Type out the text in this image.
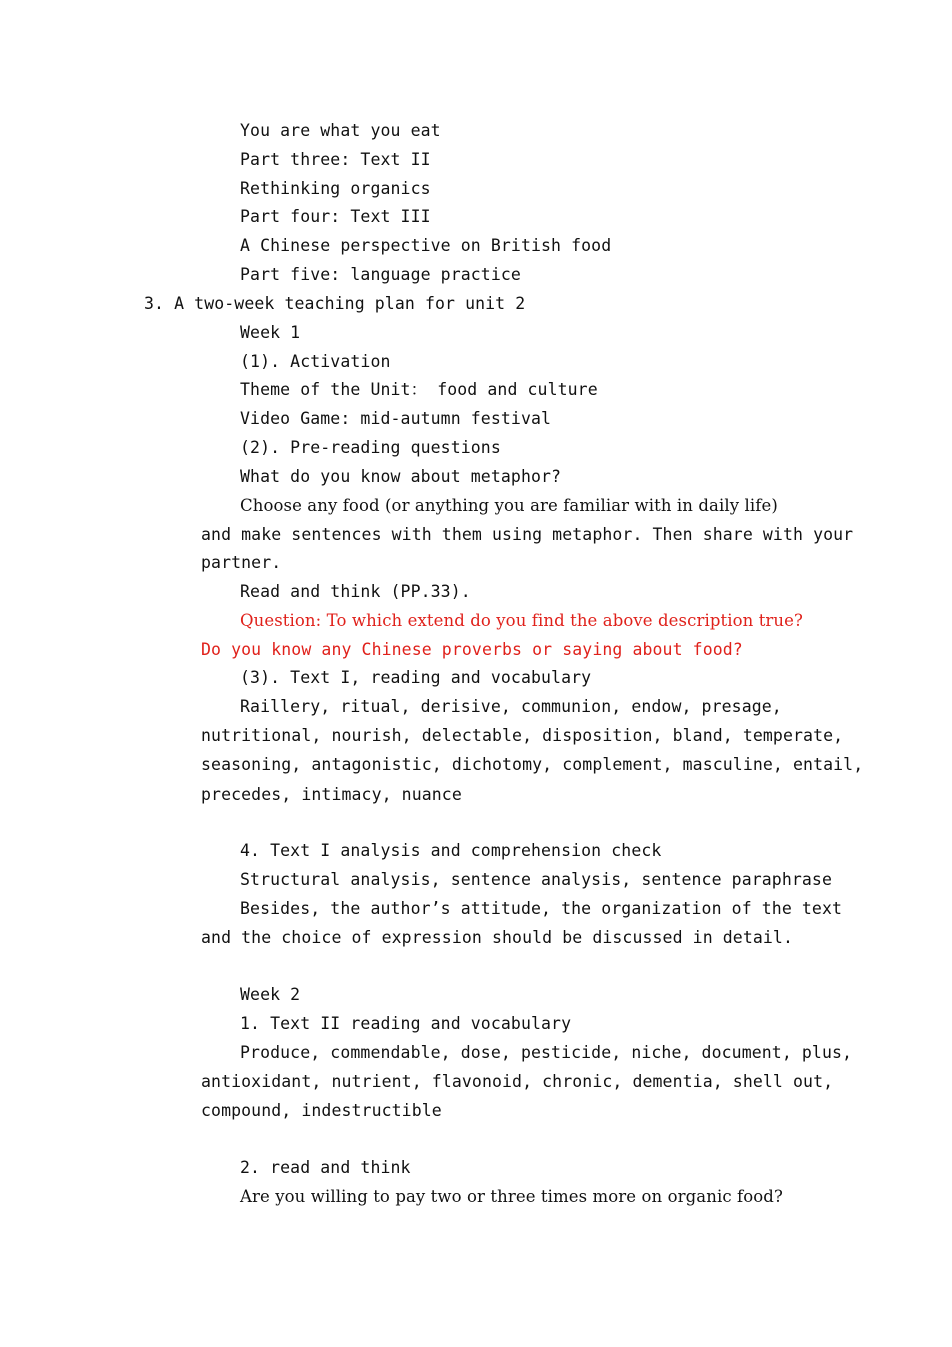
You are what you eat
Part three: Text II
Rethinking organics
Part four: Text III
A Chinese perspective on British food
Part five: language practice
3. A two-week teaching plan for unit 2
Week 1
(1). Activation
Theme of the Unit： food and culture
Video Game: mid-autumn festival
(2). Pre-reading questions
What do you know about metaphor?
Choose any food (or anything you are familiar with in daily life)
and make sentences with them using metaphor. Then share with your
partner.
Read and think (PP.33).
Question: To which extend do you find the above description true?
Do you know any Chinese proverbs or saying about food?
(3). Text I, reading and vocabulary
Raillery, ritual, derisive, communion, endow, presage,
nutritional, nourish, delectable, disposition, bland, temperate,
seasoning, antagonistic, dichotomy, complement, masculine, entail,
precedes, intimacy, nuance
4. Text I analysis and comprehension check
Structural analysis, sentence analysis, sentence paraphrase
Besides, the author’s attitude, the organization of the text
and the choice of expression should be discussed in detail.
Week 2
1. Text II reading and vocabulary
Produce, commendable, dose, pesticide, niche, document, plus,
antioxidant, nutrient, flavonoid, chronic, dementia, shell out,
compound, indestructible
2. read and think
Are you willing to pay two or three times more on organic food?
